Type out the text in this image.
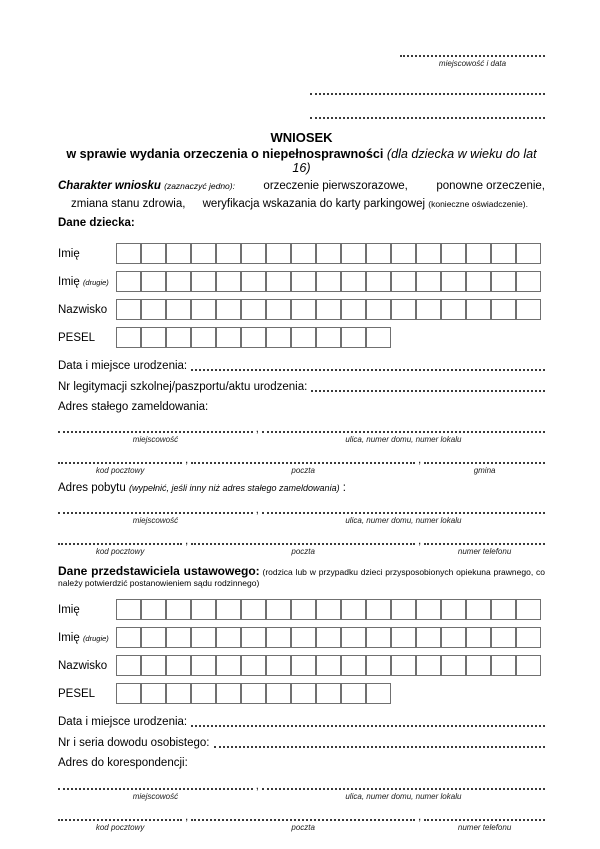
miejscowość i data
WNIOSEK
w sprawie wydania orzeczenia o niepełnosprawności (dla dziecka w wieku do lat 16)
Charakter wniosku (zaznaczyć jedno): orzeczenie pierwszorazowe, ponowne orzeczenie,
zmiana stanu zdrowia, weryfikacja wskazania do karty parkingowej (konieczne oświadczenie).
Dane dziecka:
Imię
Imię (drugie)
Nazwisko
PESEL
Data i miejsce urodzenia:
Nr legitymacji szkolnej/paszportu/aktu urodzenia:
Adres stałego zameldowania:
,
miejscowość	ulica, numer domu, numer lokalu
,	,
kod pocztowy	poczta	gmina
Adres pobytu (wypełnić, jeśli inny niż adres stałego zameldowania) :
,
miejscowość	ulica, numer domu, numer lokalu
,	,
kod pocztowy	poczta	numer telefonu

Dane przedstawiciela ustawowego: (rodzica lub w przypadku dzieci przysposobionych opiekuna prawnego, co należy potwierdzić postanowieniem sądu rodzinnego)

Imię
Imię (drugie)
Nazwisko
PESEL
Data i miejsce urodzenia:
Nr i seria dowodu osobistego:
Adres do korespondencji:
,
miejscowość	ulica, numer domu, numer lokalu
,	,
kod pocztowy	poczta	numer telefonu
